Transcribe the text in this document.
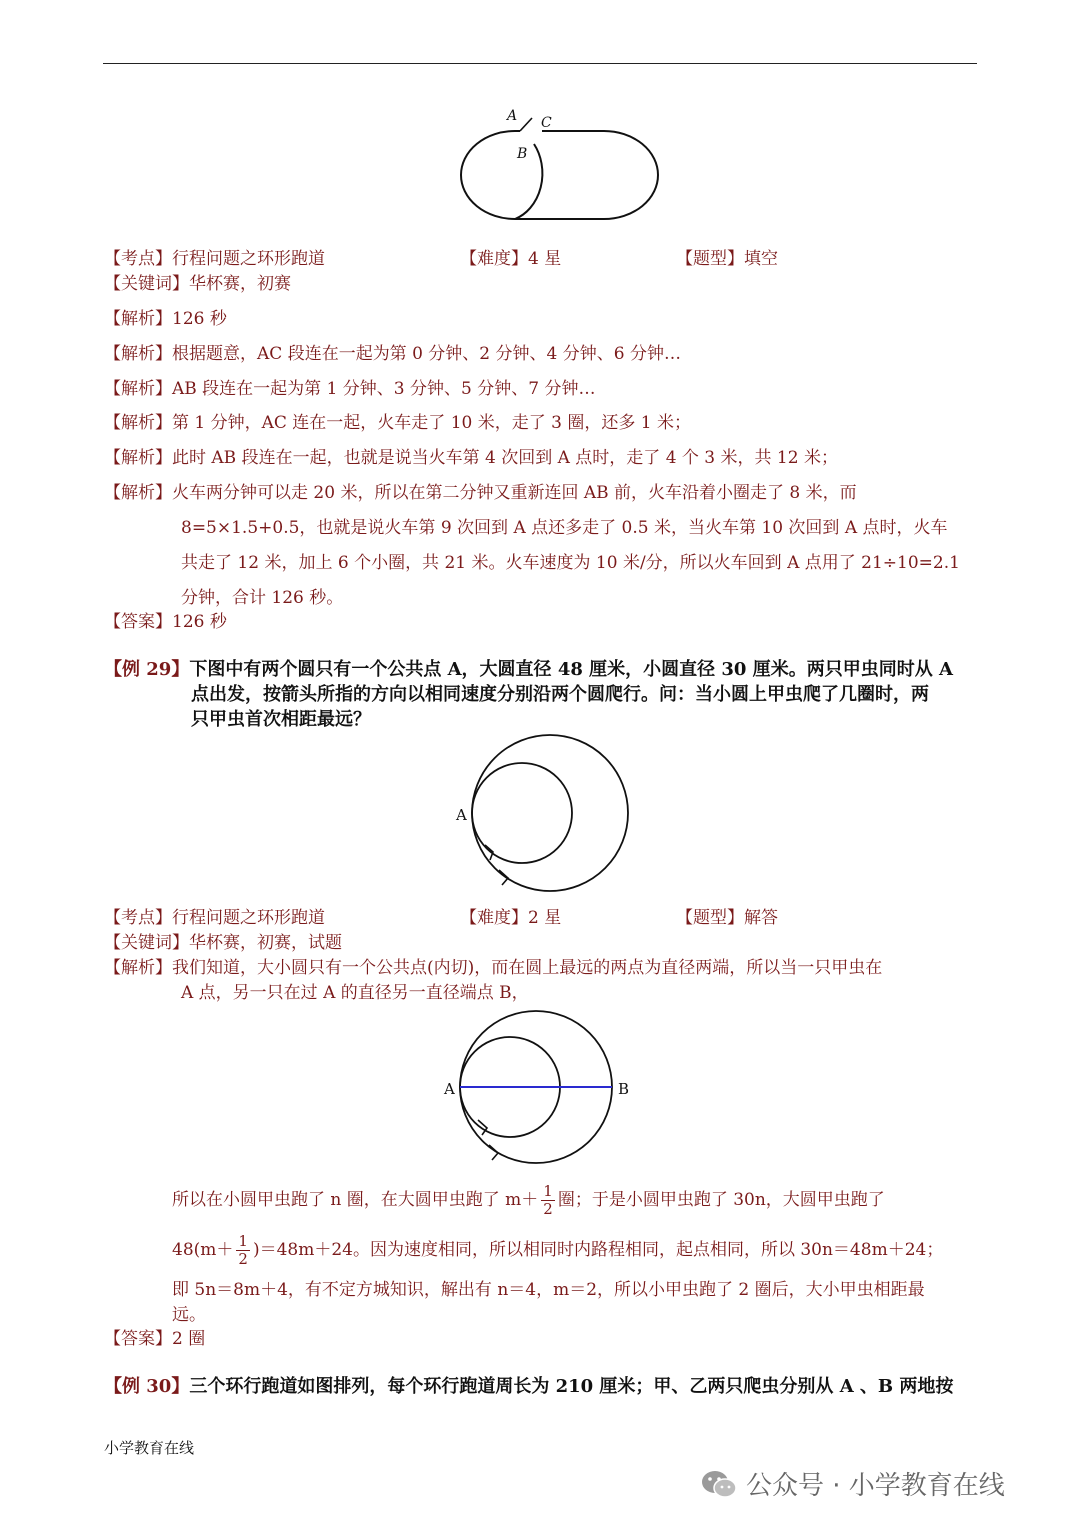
A C
B
【考点】行程问题之环形跑道	【难度】4 星	【题型】填空
【关键词】华杯赛，初赛
【解析】126 秒
【解析】根据题意，AC 段连在一起为第 0 分钟、2 分钟、4 分钟、6 分钟…
【解析】AB 段连在一起为第 1 分钟、3 分钟、5 分钟、7 分钟…
【解析】第 1 分钟，AC 连在一起，火车走了 10 米，走了 3 圈，还多 1 米；
【解析】此时 AB 段连在一起，也就是说当火车第 4 次回到 A 点时，走了 4 个 3 米，共 12 米；
【解析】火车两分钟可以走 20 米，所以在第二分钟又重新连回 AB 前，火车沿着小圈走了 8 米，而
8=5×1.5+0.5，也就是说火车第 9 次回到 A 点还多走了 0.5 米，当火车第 10 次回到 A 点时，火车
共走了 12 米，加上 6 个小圈，共 21 米。火车速度为 10 米/分，所以火车回到 A 点用了 21÷10=2.1
分钟，合计 126 秒。
【答案】126 秒
【例 29】下图中有两个圆只有一个公共点 A，大圆直径 48 厘米，小圆直径 30 厘米。两只甲虫同时从 A
点出发，按箭头所指的方向以相同速度分别沿两个圆爬行。问：当小圆上甲虫爬了几圈时，两
只甲虫首次相距最远？
A
【考点】行程问题之环形跑道	【难度】2 星	【题型】解答
【关键词】华杯赛，初赛，试题
【解析】我们知道，大小圆只有一个公共点(内切)，而在圆上最远的两点为直径两端，所以当一只甲虫在
A 点，另一只在过 A 的直径另一直径端点 B，
A	B
所以在小圆甲虫跑了 n 圈，在大圆甲虫跑了 $m+ \frac{1}{2}$ 圈；于是小圆甲虫跑了 30n，大圆甲虫跑了
$48(m+ \frac{1}{2} )=48m+24$。因为速度相同，所以相同时内路程相同，起点相同，所以 30n＝48m＋24；
即 5n＝8m＋4，有不定方城知识，解出有 n＝4，m＝2，所以小甲虫跑了 2 圈后，大小甲虫相距最
远。
【答案】2 圈
【例 30】三个环行跑道如图排列，每个环行跑道周长为 210 厘米；甲、乙两只爬虫分别从 A 、B 两地按
小学教育在线
公众号 · 小学教育在线
